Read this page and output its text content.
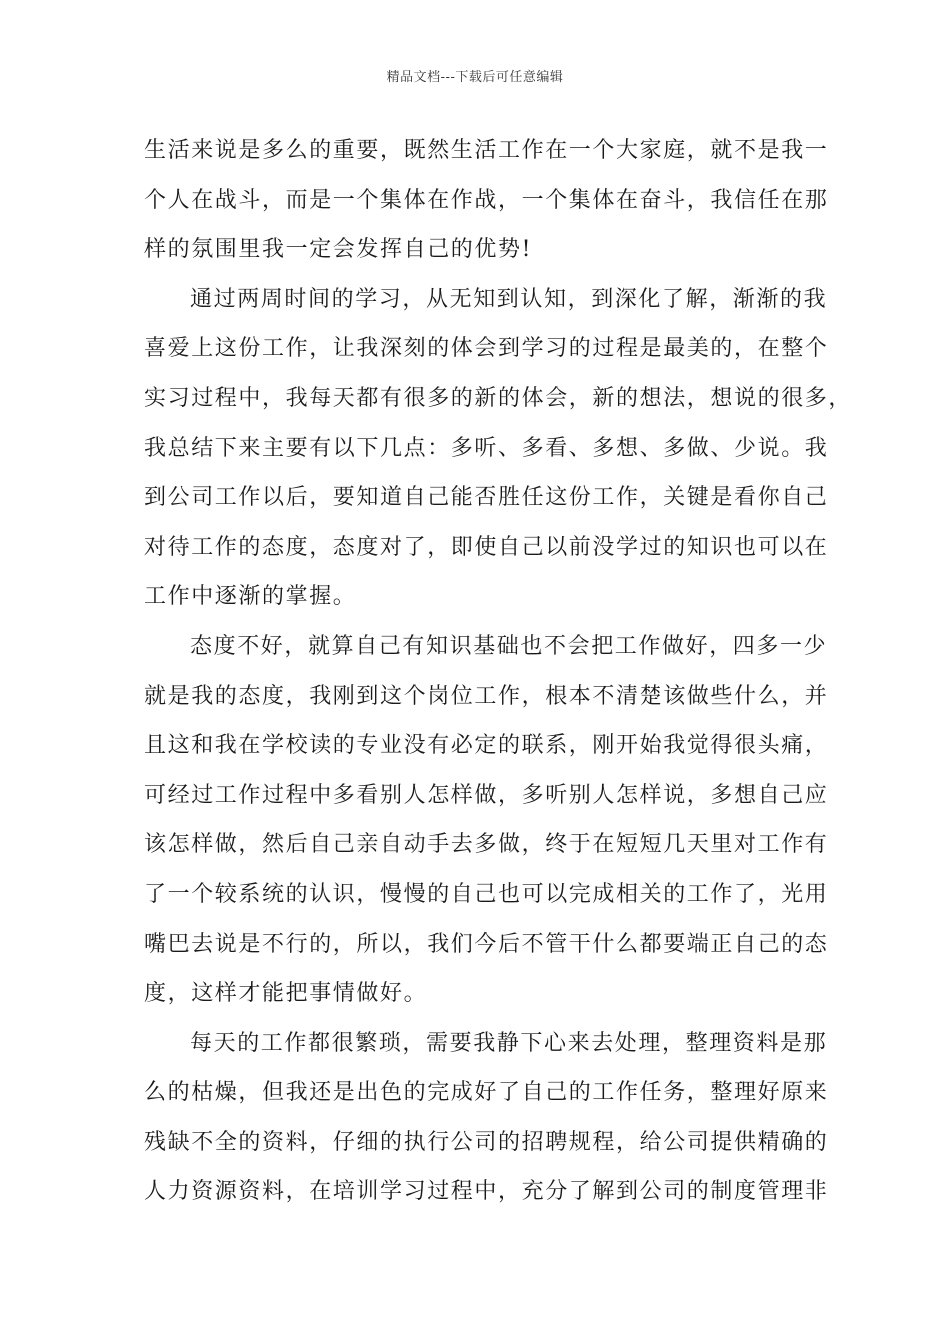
精品文档---下载后可任意编辑
生活来说是多么的重要，既然生活工作在一个大家庭，就不是我一
个人在战斗，而是一个集体在作战，一个集体在奋斗，我信任在那
样的氛围里我一定会发挥自己的优势!
通过两周时间的学习，从无知到认知，到深化了解，渐渐的我
喜爱上这份工作，让我深刻的体会到学习的过程是最美的，在整个
实习过程中，我每天都有很多的新的体会，新的想法，想说的很多，
我总结下来主要有以下几点：多听、多看、多想、多做、少说。我
到公司工作以后，要知道自己能否胜任这份工作，关键是看你自己
对待工作的态度，态度对了，即使自己以前没学过的知识也可以在
工作中逐渐的掌握。
态度不好，就算自己有知识基础也不会把工作做好，四多一少
就是我的态度，我刚到这个岗位工作，根本不清楚该做些什么，并
且这和我在学校读的专业没有必定的联系，刚开始我觉得很头痛，
可经过工作过程中多看别人怎样做，多听别人怎样说，多想自己应
该怎样做，然后自己亲自动手去多做，终于在短短几天里对工作有
了一个较系统的认识，慢慢的自己也可以完成相关的工作了，光用
嘴巴去说是不行的，所以，我们今后不管干什么都要端正自己的态
度，这样才能把事情做好。
每天的工作都很繁琐，需要我静下心来去处理，整理资料是那
么的枯燥，但我还是出色的完成好了自己的工作任务，整理好原来
残缺不全的资料，仔细的执行公司的招聘规程，给公司提供精确的
人力资源资料，在培训学习过程中，充分了解到公司的制度管理非
